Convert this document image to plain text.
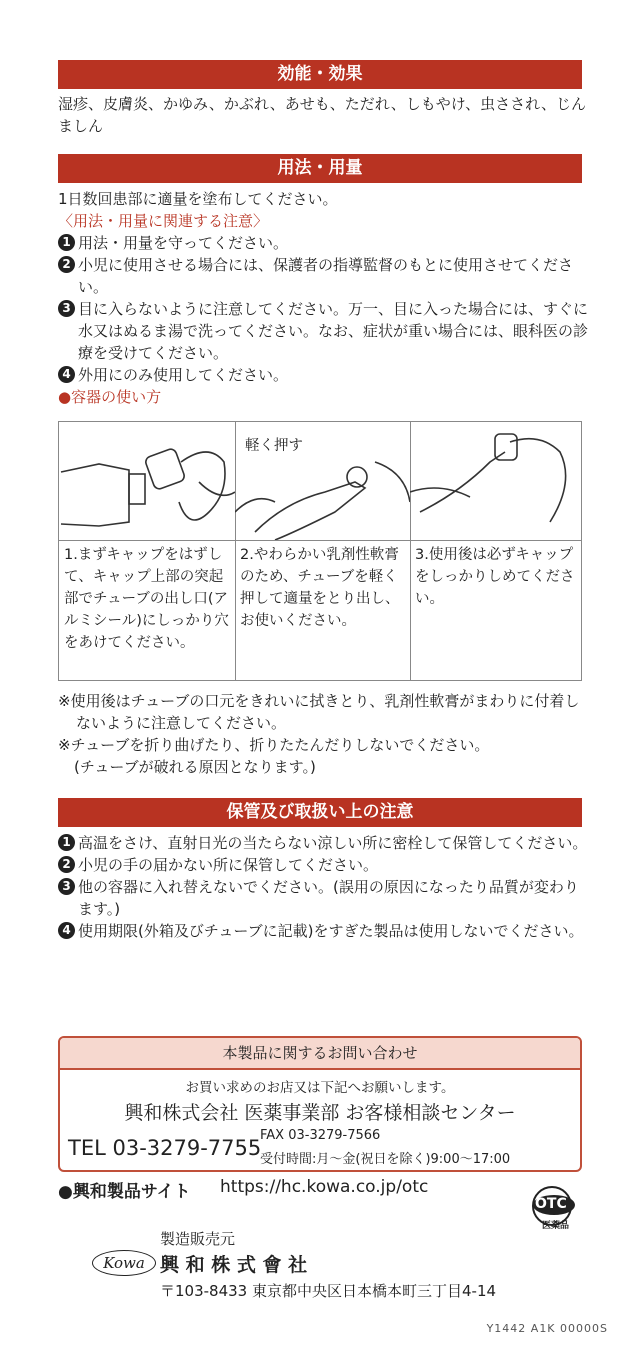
効能・効果
湿疹、皮膚炎、かゆみ、かぶれ、あせも、ただれ、しもやけ、虫さされ、じんましん
用法・用量
1日数回患部に適量を塗布してください。
〈用法・用量に関連する注意〉
1 用法・用量を守ってください。
2 小児に使用させる場合には、保護者の指導監督のもとに使用させてください。
3 目に入らないように注意してください。万一、目に入った場合には、すぐに水又はぬるま湯で洗ってください。なお、症状が重い場合には、眼科医の診療を受けてください。
4 外用にのみ使用してください。
●容器の使い方
1.まずキャップをはずして、キャップ上部の突起部でチューブの出し口(アルミシール)にしっかり穴をあけてください。
軽く押す
2.やわらかい乳剤性軟膏のため、チューブを軽く押して適量をとり出し、お使いください。
3.使用後は必ずキャップをしっかりしめてください。
※使用後はチューブの口元をきれいに拭きとり、乳剤性軟膏がまわりに付着しないように注意してください。
※チューブを折り曲げたり、折りたたんだりしないでください。
(チューブが破れる原因となります。)
保管及び取扱い上の注意
1 高温をさけ、直射日光の当たらない涼しい所に密栓して保管してください。
2 小児の手の届かない所に保管してください。
3 他の容器に入れ替えないでください。(誤用の原因になったり品質が変わります。)
4 使用期限(外箱及びチューブに記載)をすぎた製品は使用しないでください。
本製品に関するお問い合わせ
お買い求めのお店又は下記へお願いします。
興和株式会社 医薬事業部 お客様相談センター
TEL 03-3279-7755
FAX 03-3279-7566
受付時間:月～金(祝日を除く)9:00～17:00
●興和製品サイト https://hc.kowa.co.jp/otc
OTC
医薬品
製造販売元
Kowa 興 和 株 式 會 社
〒103-8433 東京都中央区日本橋本町三丁目4-14
Y1442 A1K 00000S
